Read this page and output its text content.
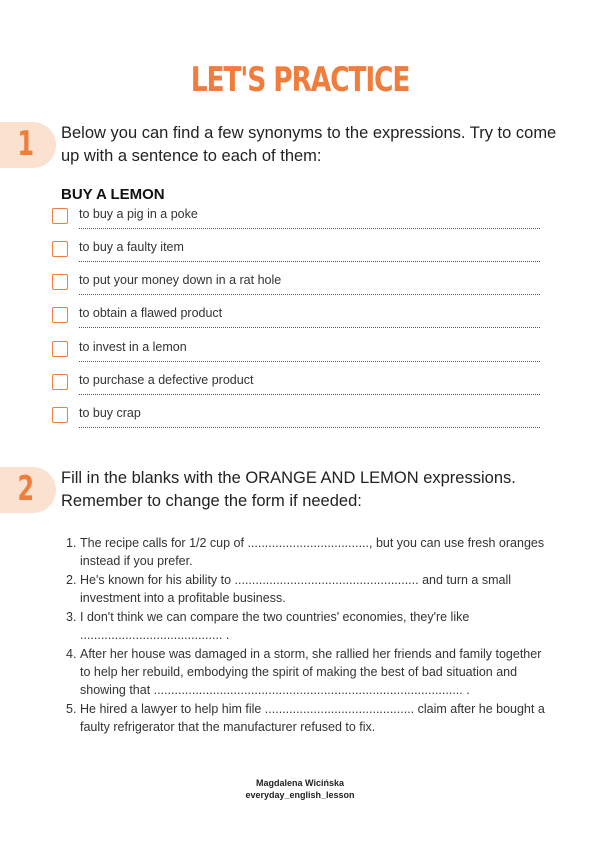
LET'S PRACTICE
1 Below you can find a few synonyms to the expressions. Try to come up with a sentence to each of them:
BUY A LEMON
to buy a pig in a poke
to buy a faulty item
to put your money down in a rat hole
to obtain a flawed product
to invest in a lemon
to purchase a defective product
to buy crap
2 Fill in the blanks with the ORANGE AND LEMON expressions. Remember to change the form if needed:
1. The recipe calls for 1/2 cup of ..................................., but you can use fresh oranges instead if you prefer.
2. He's known for his ability to ..................................................... and turn a small investment into a profitable business.
3. I don't think we can compare the two countries' economies, they're like ......................................... .
4. After her house was damaged in a storm, she rallied her friends and family together to help her rebuild, embodying the spirit of making the best of bad situation and showing that ......................................................................................... .
5. He hired a lawyer to help him file ........................................... claim after he bought a faulty refrigerator that the manufacturer refused to fix.
Magdalena Wicińska
everyday_english_lesson
